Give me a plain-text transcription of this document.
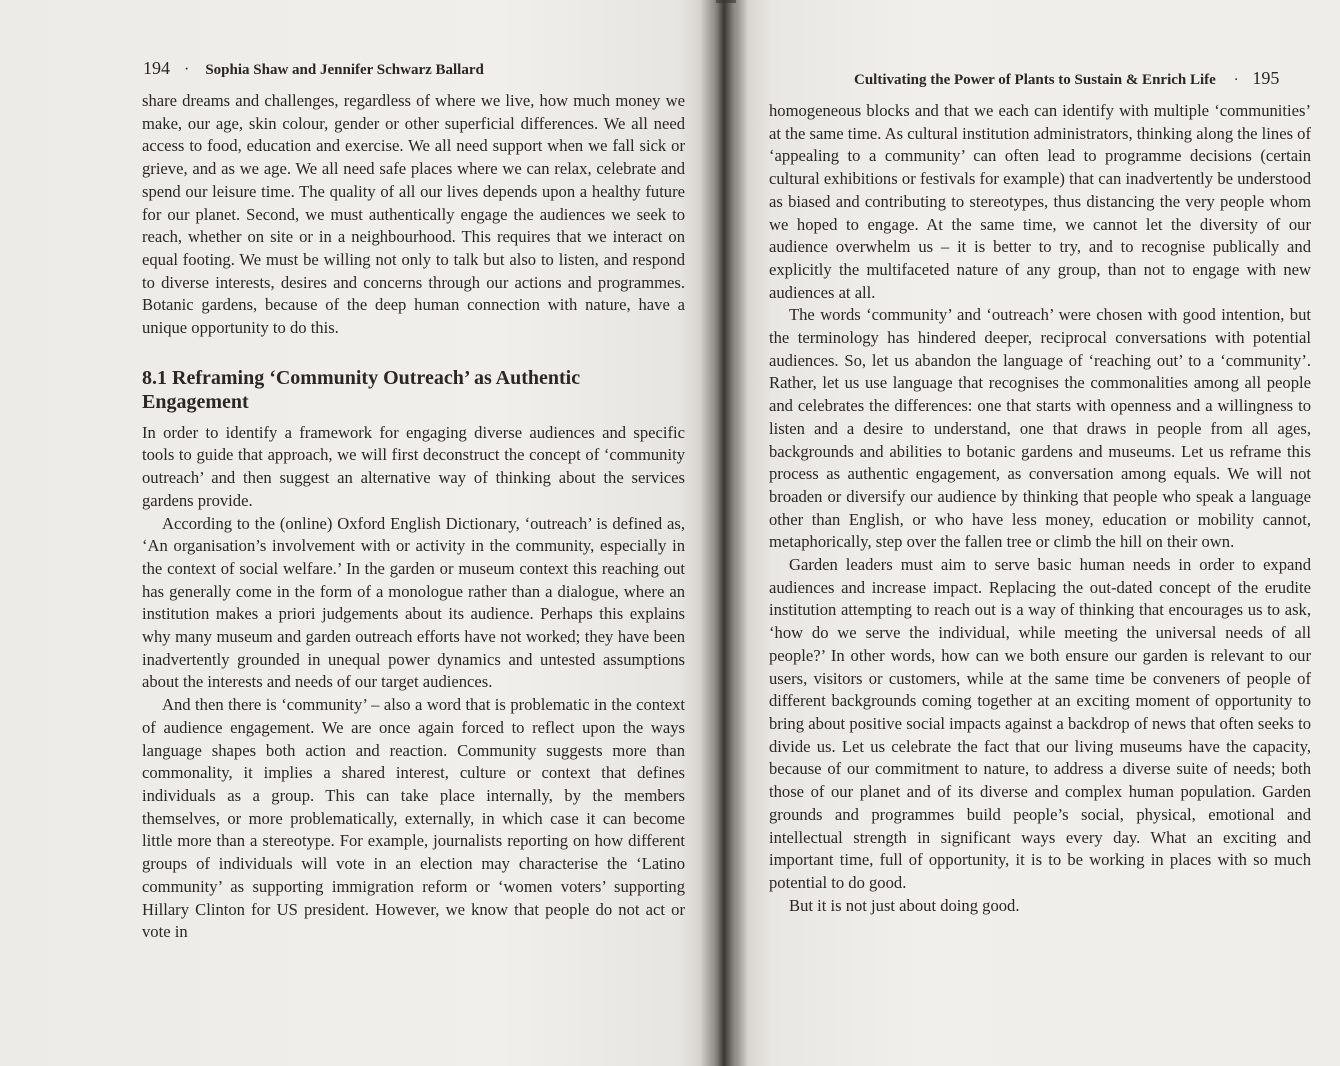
194 · Sophia Shaw and Jennifer Schwarz Ballard

share dreams and challenges, regardless of where we live, how much money we make, our age, skin colour, gender or other superficial differences. We all need access to food, education and exercise. We all need support when we fall sick or grieve, and as we age. We all need safe places where we can relax, celebrate and spend our leisure time. The quality of all our lives depends upon a healthy future for our planet. Second, we must authentically engage the audiences we seek to reach, whether on site or in a neighbourhood. This requires that we interact on equal footing. We must be willing not only to talk but also to listen, and respond to diverse interests, desires and concerns through our actions and programmes. Botanic gardens, because of the deep human connection with nature, have a unique opportunity to do this.

8.1 Reframing ‘Community Outreach’ as Authentic Engagement

In order to identify a framework for engaging diverse audiences and specific tools to guide that approach, we will first deconstruct the concept of ‘community outreach’ and then suggest an alternative way of thinking about the services gardens provide.

According to the (online) Oxford English Dictionary, ‘outreach’ is defined as, ‘An organisation’s involvement with or activity in the community, especially in the context of social welfare.’ In the garden or museum context this reaching out has generally come in the form of a monologue rather than a dialogue, where an institution makes a priori judgements about its audience. Perhaps this explains why many museum and garden outreach efforts have not worked; they have been inadvertently grounded in unequal power dynamics and untested assumptions about the interests and needs of our target audiences.

And then there is ‘community’ – also a word that is problematic in the context of audience engagement. We are once again forced to reflect upon the ways language shapes both action and reaction. Community suggests more than commonality, it implies a shared interest, culture or context that defines individuals as a group. This can take place internally, by the members themselves, or more problematically, externally, in which case it can become little more than a stereotype. For example, journalists reporting on how different groups of individuals will vote in an election may characterise the ‘Latino community’ as supporting immigration reform or ‘women voters’ supporting Hillary Clinton for US president. However, we know that people do not act or vote in

Cultivating the Power of Plants to Sustain & Enrich Life · 195

homogeneous blocks and that we each can identify with multiple ‘communities’ at the same time. As cultural institution administrators, thinking along the lines of ‘appealing to a community’ can often lead to programme decisions (certain cultural exhibitions or festivals for example) that can inadvertently be understood as biased and contributing to stereotypes, thus distancing the very people whom we hoped to engage. At the same time, we cannot let the diversity of our audience overwhelm us – it is better to try, and to recognise publically and explicitly the multifaceted nature of any group, than not to engage with new audiences at all.

The words ‘community’ and ‘outreach’ were chosen with good intention, but the terminology has hindered deeper, reciprocal conversations with potential audiences. So, let us abandon the language of ‘reaching out’ to a ‘community’. Rather, let us use language that recognises the commonalities among all people and celebrates the differences: one that starts with openness and a willingness to listen and a desire to understand, one that draws in people from all ages, backgrounds and abilities to botanic gardens and museums. Let us reframe this process as authentic engagement, as conversation among equals. We will not broaden or diversify our audience by thinking that people who speak a language other than English, or who have less money, education or mobility cannot, metaphorically, step over the fallen tree or climb the hill on their own.

Garden leaders must aim to serve basic human needs in order to expand audiences and increase impact. Replacing the out-dated concept of the erudite institution attempting to reach out is a way of thinking that encourages us to ask, ‘how do we serve the individual, while meeting the universal needs of all people?’ In other words, how can we both ensure our garden is relevant to our users, visitors or customers, while at the same time be conveners of people of different backgrounds coming together at an exciting moment of opportunity to bring about positive social impacts against a backdrop of news that often seeks to divide us. Let us celebrate the fact that our living museums have the capacity, because of our commitment to nature, to address a diverse suite of needs; both those of our planet and of its diverse and complex human population. Garden grounds and programmes build people’s social, physical, emotional and intellectual strength in significant ways every day. What an exciting and important time, full of opportunity, it is to be working in places with so much potential to do good.

But it is not just about doing good.
